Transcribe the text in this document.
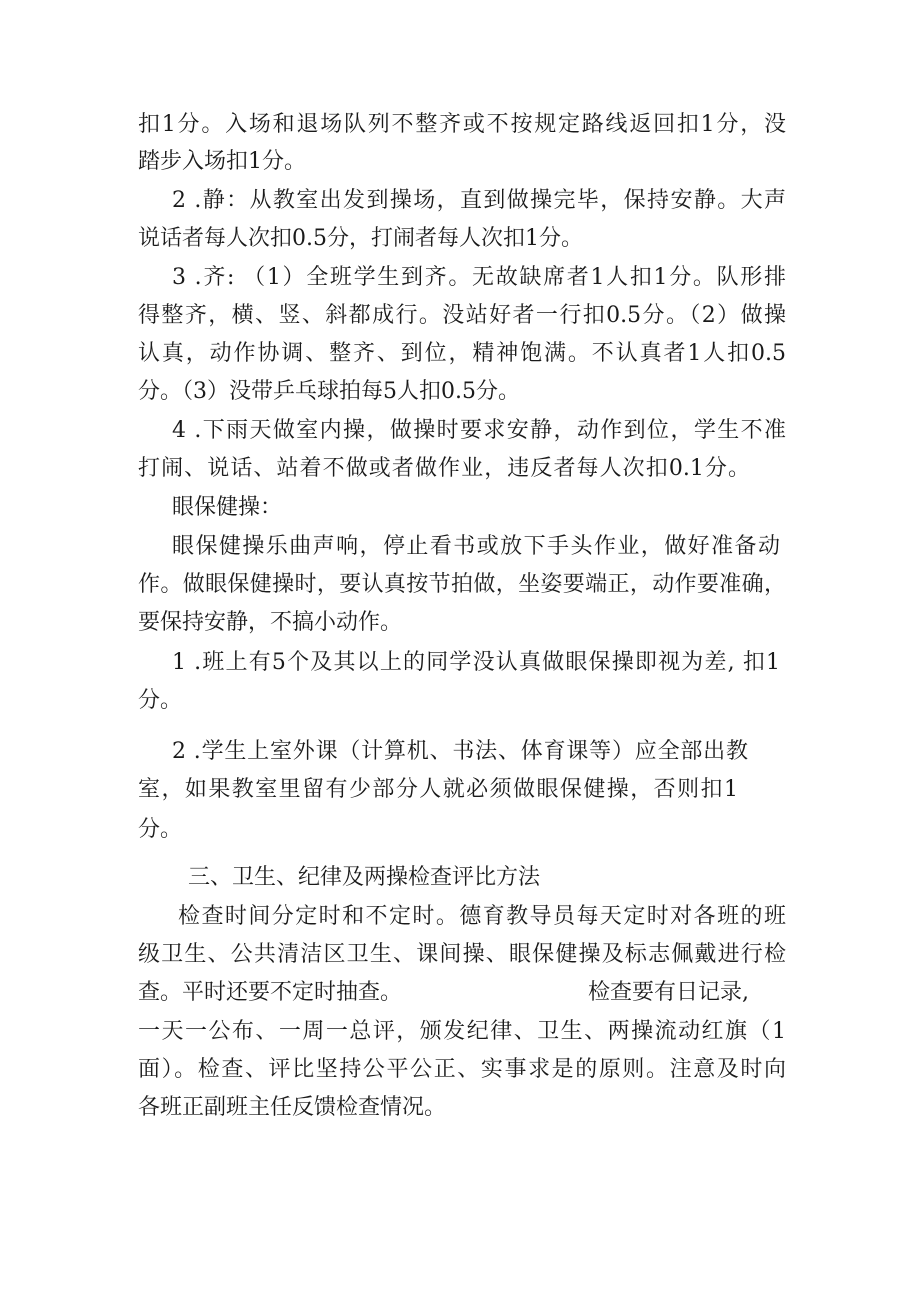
扣1分。入场和退场队列不整齐或不按规定路线返回扣1分，没
踏步入场扣1分。
2 .静：从教室出发到操场，直到做操完毕，保持安静。大声
说话者每人次扣0.5分，打闹者每人次扣1分。
3 .齐: （1）全班学生到齐。无故缺席者1人扣1分。队形排
得整齐，横、竖、斜都成行。没站好者一行扣0.5分。（2）做操
认真，动作协调、整齐、到位，精神饱满。不认真者1人扣0.5
分。（3）没带乒乓球拍每5人扣0.5分。
4 .下雨天做室内操，做操时要求安静，动作到位，学生不准
打闹、说话、站着不做或者做作业，违反者每人次扣0.1分。
眼保健操：
眼保健操乐曲声响，停止看书或放下手头作业，做好准备动
作。做眼保健操时，要认真按节拍做，坐姿要端正，动作要准确，
要保持安静，不搞小动作。
1 .班上有5个及其以上的同学没认真做眼保操即视为差, 扣1
分。
2 .学生上室外课（计算机、书法、体育课等）应全部出教
室，如果教室里留有少部分人就必须做眼保健操，否则扣1
分。
三、卫生、纪律及两操检查评比方法
检查时间分定时和不定时。德育教导员每天定时对各班的班
级卫生、公共清洁区卫生、课间操、眼保健操及标志佩戴进行检
查。平时还要不定时抽查。	检查要有日记录,
一天一公布、一周一总评，颁发纪律、卫生、两操流动红旗（1
面）。检查、评比坚持公平公正、实事求是的原则。注意及时向
各班正副班主任反馈检查情况。
